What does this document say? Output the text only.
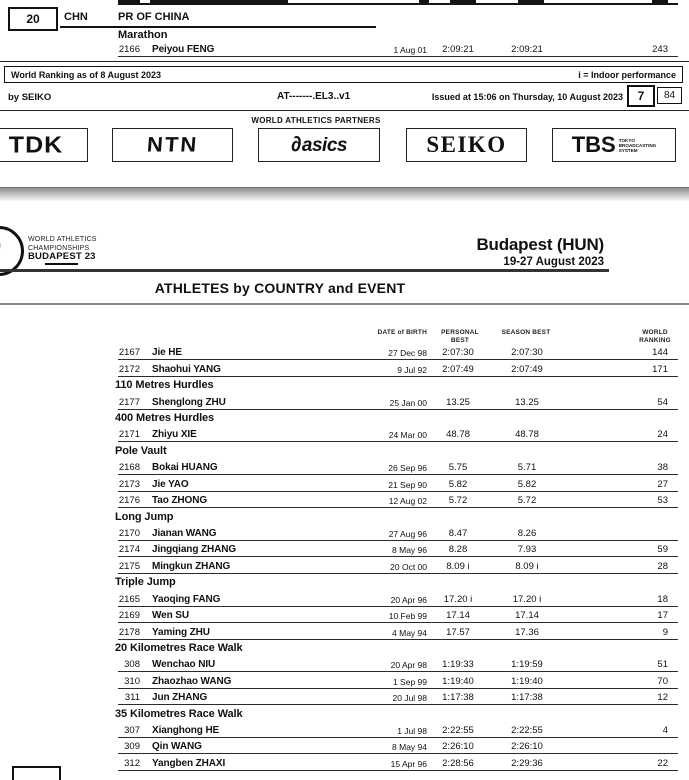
20 CHN	PR OF CHINA
Marathon
2166 Peiyou FENG	1 Aug 01	2:09:21	2:09:21	243
World Ranking as of 8 August 2023	i = Indoor performance
by SEIKO	AT-------.EL3..v1	Issued at 15:06 on Thursday, 10 August 2023 7 84
WORLD ATHLETICS PARTNERS
TDK	NTN	∂asics	SEIKO	TBS TOKYO
BROADCASTING
SYSTEM
WORLD ATHLETICS
CHAMPIONSHIPS
BUDAPEST 23
Budapest (HUN)
19-27 August 2023
ATHLETES by COUNTRY and EVENT
DATE of BIRTH	PERSONAL
BEST
SEASON BEST	WORLD
RANKING
2167 Jie HE	27 Dec 98	2:07:30	2:07:30	144
2172 Shaohui YANG	9 Jul 92	2:07:49	2:07:49	171
110 Metres Hurdles
2177 Shenglong ZHU	25 Jan 00	13.25	13.25	54
400 Metres Hurdles
2171 Zhiyu XIE	24 Mar 00	48.78	48.78	24
Pole Vault
2168 Bokai HUANG	26 Sep 96	5.75	5.71	38
2173 Jie YAO	21 Sep 90	5.82	5.82	27
2176 Tao ZHONG	12 Aug 02	5.72	5.72	53
Long Jump
2170 Jianan WANG	27 Aug 96	8.47	8.26
2174 Jingqiang ZHANG	8 May 96	8.28	7.93	59
2175 Mingkun ZHANG	20 Oct 00	8.09 i	8.09 i	28
Triple Jump
2165 Yaoqing FANG	20 Apr 96	17.20 i	17.20 i	18
2169 Wen SU	10 Feb 99	17.14	17.14	17
2178 Yaming ZHU	4 May 94	17.57	17.36	9
20 Kilometres Race Walk
308 Wenchao NIU	20 Apr 98	1:19:33	1:19:59	51
310 Zhaozhao WANG	1 Sep 99	1:19:40	1:19:40	70
311 Jun ZHANG	20 Jul 98	1:17:38	1:17:38	12
35 Kilometres Race Walk
307 Xianghong HE	1 Jul 98	2:22:55	2:22:55	4
309 Qin WANG	8 May 94	2:26:10	2:26:10
312 Yangben ZHAXI	15 Apr 96	2:28:56	2:29:36	22
